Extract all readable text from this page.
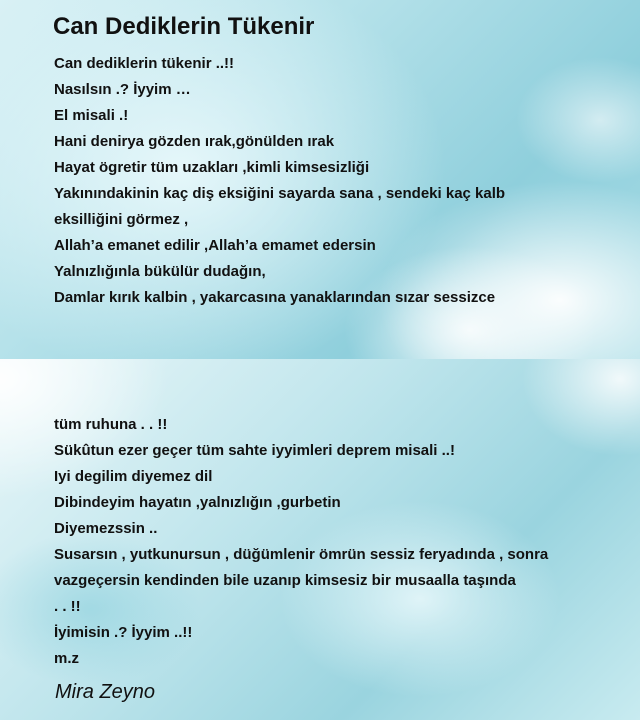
Can Dediklerin Tükenir
Can dediklerin tükenir ..!!
Nasılsın .? İyyim …
El misali .!
Hani denirya gözden ırak,gönülden ırak
Hayat ögretir tüm uzakları ,kimli kimsesizliği
Yakınındakinin kaç diş eksiğini sayarda sana , sendeki kaç kalb
eksilliğini görmez ,
Allah’a emanet edilir ,Allah’a emamet edersin
Yalnızlığınla bükülür dudağın,
Damlar kırık kalbin , yakarcasına yanaklarından sızar sessizce
tüm ruhuna . . !!
Sükûtun ezer geçer tüm sahte iyyimleri deprem misali ..!
Iyi degilim diyemez dil
Dibindeyim hayatın ,yalnızlığın ,gurbetin
Diyemezssin ..
Susarsın , yutkunursun , düğümlenir ömrün sessiz feryadında , sonra
vazgeçersin kendinden bile uzanıp kimsesiz bir musaalla taşında
. . !!
İyimisin .? İyyim ..!!
m.z

Mira Zeyno
